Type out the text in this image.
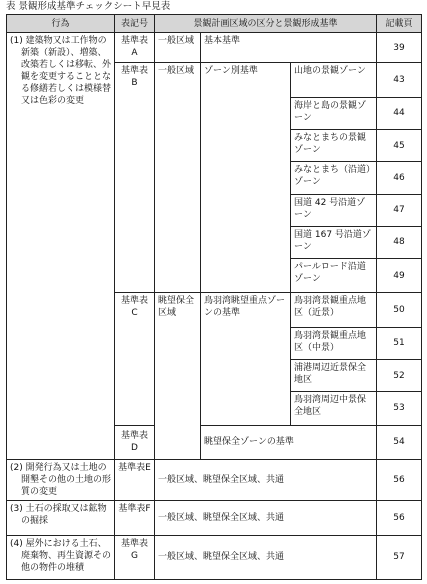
表 景観形成基準チェックシート早見表
行為	表記号	景観計画区域の区分と景観形成基準			記載頁
(1) 建築物又は工作物の新築（新設）、増築、改築若しくは移転、外観を変更することとなる修繕若しくは模様替又は色彩の変更	基準表A	一般区域	基本基準		39
	基準表B	一般区域	ゾーン別基準	山地の景観ゾーン	43
				海岸と島の景観ゾーン	44
				みなとまちの景観ゾーン	45
				みなとまち（沿道）ゾーン	46
				国道 42 号沿道ゾーン	47
				国道 167 号沿道ゾーン	48
				パールロード沿道ゾーン	49
	基準表C	眺望保全区域	鳥羽湾眺望重点ゾーンの基準	鳥羽湾景観重点地区（近景）	50
				鳥羽湾景観重点地区（中景）	51
				浦港周辺近景保全地区	52
				鳥羽湾周辺中景保全地区	53
	基準表D		眺望保全ゾーンの基準		54
(2) 開発行為又は土地の開墾その他の土地の形質の変更	基準表E	一般区域、眺望保全区域、共通			56
(3) 土石の採取又は鉱物の掘採	基準表F	一般区域、眺望保全区域、共通			56
(4) 屋外における土石、廃棄物、再生資源その他の物件の堆積	基準表G	一般区域、眺望保全区域、共通			57
